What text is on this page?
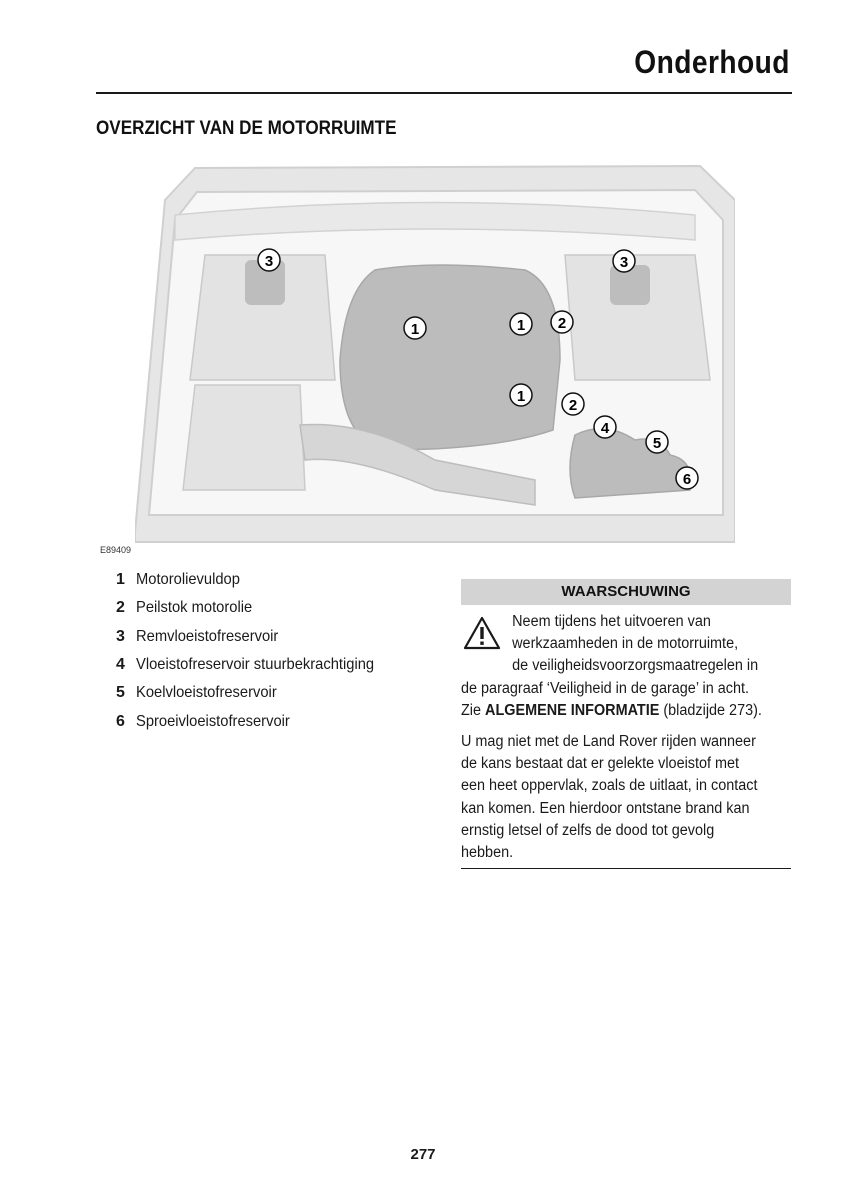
Onderhoud
OVERZICHT VAN DE MOTORRUIMTE
3	3
1	1 2
1
2
4
5
6
E89409
1 Motorolievuldop
2 Peilstok motorolie
3 Remvloeistofreservoir
4 Vloeistofreservoir stuurbekrachtiging
5 Koelvloeistofreservoir
6 Sproeivloeistofreservoir
WAARSCHUWING
Neem tijdens het uitvoeren van
werkzaamheden in de motorruimte,
de veiligheidsvoorzorgsmaatregelen in
de paragraaf ‘Veiligheid in de garage’ in acht.
Zie ALGEMENE INFORMATIE (bladzijde 273).
U mag niet met de Land Rover rijden wanneer
de kans bestaat dat er gelekte vloeistof met
een heet oppervlak, zoals de uitlaat, in contact
kan komen. Een hierdoor ontstane brand kan
ernstig letsel of zelfs de dood tot gevolg
hebben.
277
